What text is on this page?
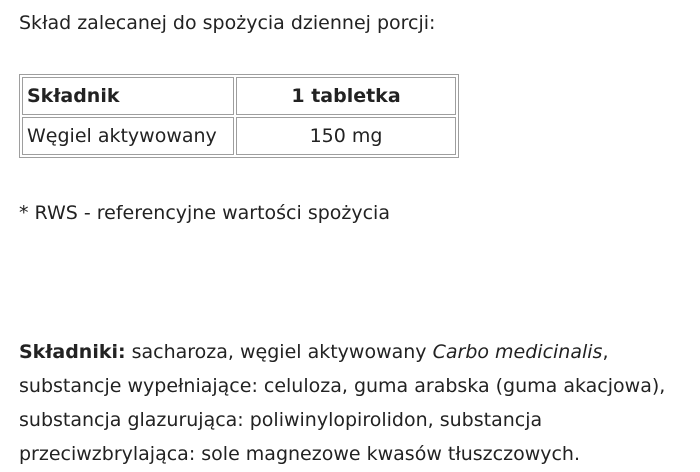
Skład zalecanej do spożycia dziennej porcji:
Składnik	1 tabletka
Węgiel aktywowany	150 mg
* RWS - referencyjne wartości spożycia
Składniki: sacharoza, węgiel aktywowany Carbo medicinalis, substancje wypełniające: celuloza, guma arabska (guma akacjowa), substancja glazurująca: poliwinylopirolidon, substancja przeciwzbrylająca: sole magnezowe kwasów tłuszczowych.
